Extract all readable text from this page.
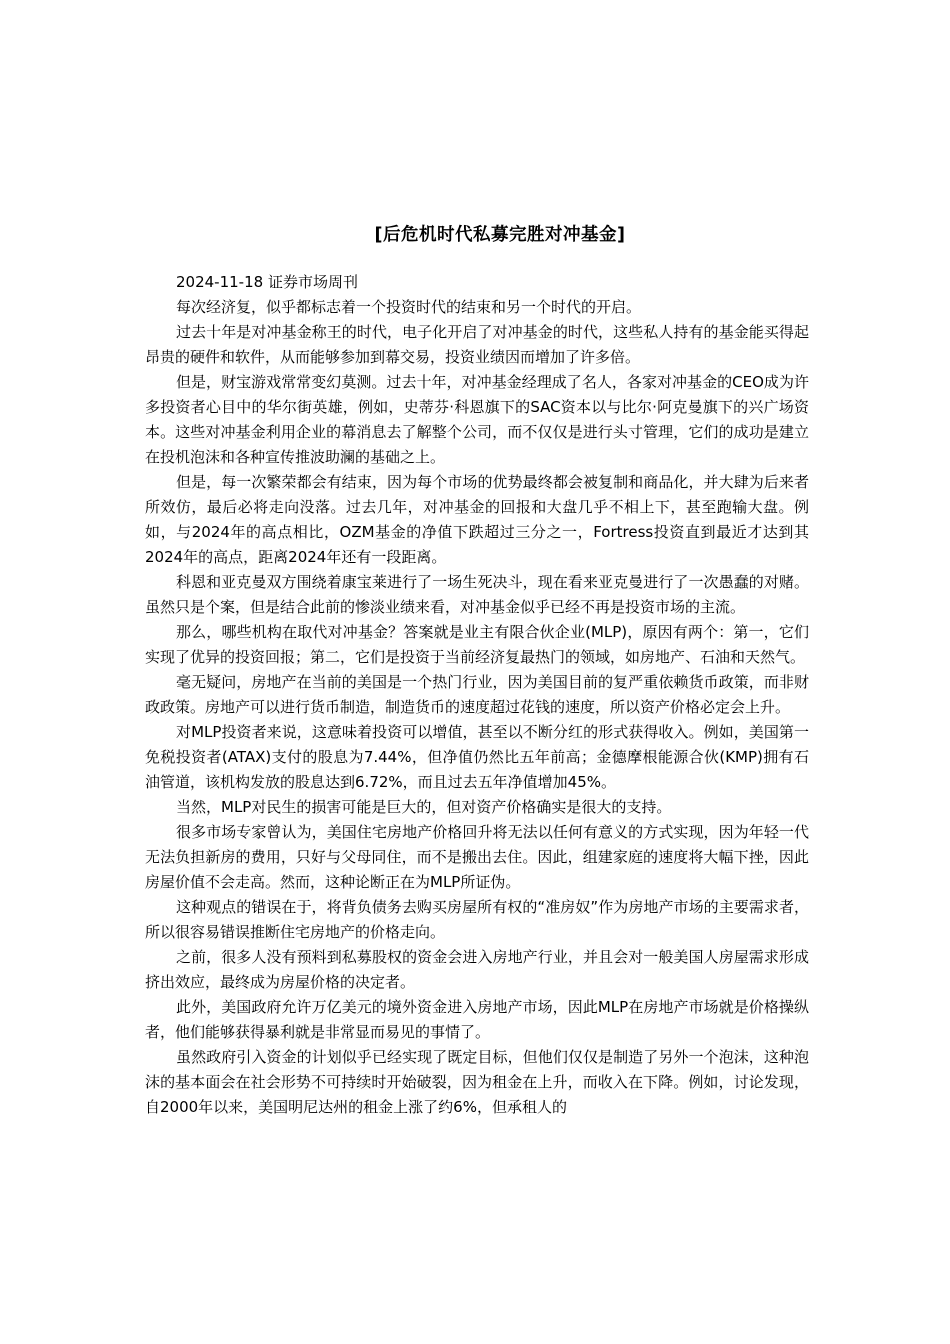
[后危机时代私募完胜对冲基金]
2024-11-18 证券市场周刊

每次经济复，似乎都标志着一个投资时代的结束和另一个时代的开启。

过去十年是对冲基金称王的时代，电子化开启了对冲基金的时代，这些私人持有的基金能买得起昂贵的硬件和软件，从而能够参加到幕交易，投资业绩因而增加了许多倍。

但是，财宝游戏常常变幻莫测。过去十年，对冲基金经理成了名人，各家对冲基金的CEO成为许多投资者心目中的华尔街英雄，例如，史蒂芬·科恩旗下的SAC资本以与比尔·阿克曼旗下的兴广场资本。这些对冲基金利用企业的幕消息去了解整个公司，而不仅仅是进行头寸管理，它们的成功是建立在投机泡沫和各种宣传推波助澜的基础之上。

但是，每一次繁荣都会有结束，因为每个市场的优势最终都会被复制和商品化，并大肆为后来者所效仿，最后必将走向没落。过去几年，对冲基金的回报和大盘几乎不相上下，甚至跑输大盘。例如，与2024年的高点相比，OZM基金的净值下跌超过三分之一，Fortress投资直到最近才达到其2024年的高点，距离2024年还有一段距离。

科恩和亚克曼双方围绕着康宝莱进行了一场生死决斗，现在看来亚克曼进行了一次愚蠢的对赌。虽然只是个案，但是结合此前的惨淡业绩来看，对冲基金似乎已经不再是投资市场的主流。

那么，哪些机构在取代对冲基金？答案就是业主有限合伙企业(MLP)，原因有两个：第一，它们实现了优异的投资回报；第二，它们是投资于当前经济复最热门的领域，如房地产、石油和天然气。

毫无疑问，房地产在当前的美国是一个热门行业，因为美国目前的复严重依赖货币政策，而非财政政策。房地产可以进行货币制造，制造货币的速度超过花钱的速度，所以资产价格必定会上升。

对MLP投资者来说，这意味着投资可以增值，甚至以不断分红的形式获得收入。例如，美国第一免税投资者(ATAX)支付的股息为7.44%，但净值仍然比五年前高；金德摩根能源合伙(KMP)拥有石油管道，该机构发放的股息达到6.72%，而且过去五年净值增加45%。

当然，MLP对民生的损害可能是巨大的，但对资产价格确实是很大的支持。

很多市场专家曾认为，美国住宅房地产价格回升将无法以任何有意义的方式实现，因为年轻一代无法负担新房的费用，只好与父母同住，而不是搬出去住。因此，组建家庭的速度将大幅下挫，因此房屋价值不会走高。然而，这种论断正在为MLP所证伪。

这种观点的错误在于，将背负债务去购买房屋所有权的“准房奴”作为房地产市场的主要需求者，所以很容易错误推断住宅房地产的价格走向。

之前，很多人没有预料到私募股权的资金会进入房地产行业，并且会对一般美国人房屋需求形成挤出效应，最终成为房屋价格的决定者。

此外，美国政府允许万亿美元的境外资金进入房地产市场，因此MLP在房地产市场就是价格操纵者，他们能够获得暴利就是非常显而易见的事情了。

虽然政府引入资金的计划似乎已经实现了既定目标，但他们仅仅是制造了另外一个泡沫，这种泡沫的基本面会在社会形势不可持续时开始破裂，因为租金在上升，而收入在下降。例如，讨论发现，自2000年以来，美国明尼达州的租金上涨了约6%，但承租人的
